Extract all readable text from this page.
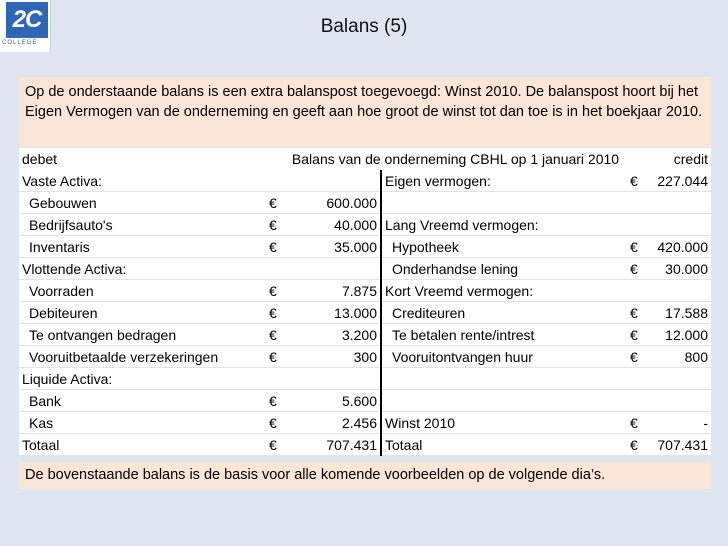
2C
COLLEGE
Balans (5)
Op de onderstaande balans is een extra balanspost toegevoegd: Winst 2010. De balanspost hoort bij het Eigen Vermogen van de onderneming en geeft aan hoe groot de winst tot dan toe is in het boekjaar 2010.
debet	Balans van de onderneming CBHL op 1 januari 2010				credit
Vaste Activa:			Eigen vermogen:	€	227.044
Gebouwen	€	600.000			
Bedrijfsauto's	€	40.000	Lang Vreemd vermogen:		
Inventaris	€	35.000	Hypotheek	€	420.000
Vlottende Activa:			Onderhandse lening	€	30.000
Voorraden	€	7.875	Kort Vreemd vermogen:		
Debiteuren	€	13.000	Crediteuren	€	17.588
Te ontvangen bedragen	€	3.200	Te betalen rente/intrest	€	12.000
Vooruitbetaalde verzekeringen	€	300	Vooruitontvangen huur	€	800
Liquide Activa:					
Bank	€	5.600			
Kas	€	2.456	Winst 2010	€	-
Totaal	€	707.431	Totaal	€	707.431
De bovenstaande balans is de basis voor alle komende voorbeelden op de volgende dia’s.
